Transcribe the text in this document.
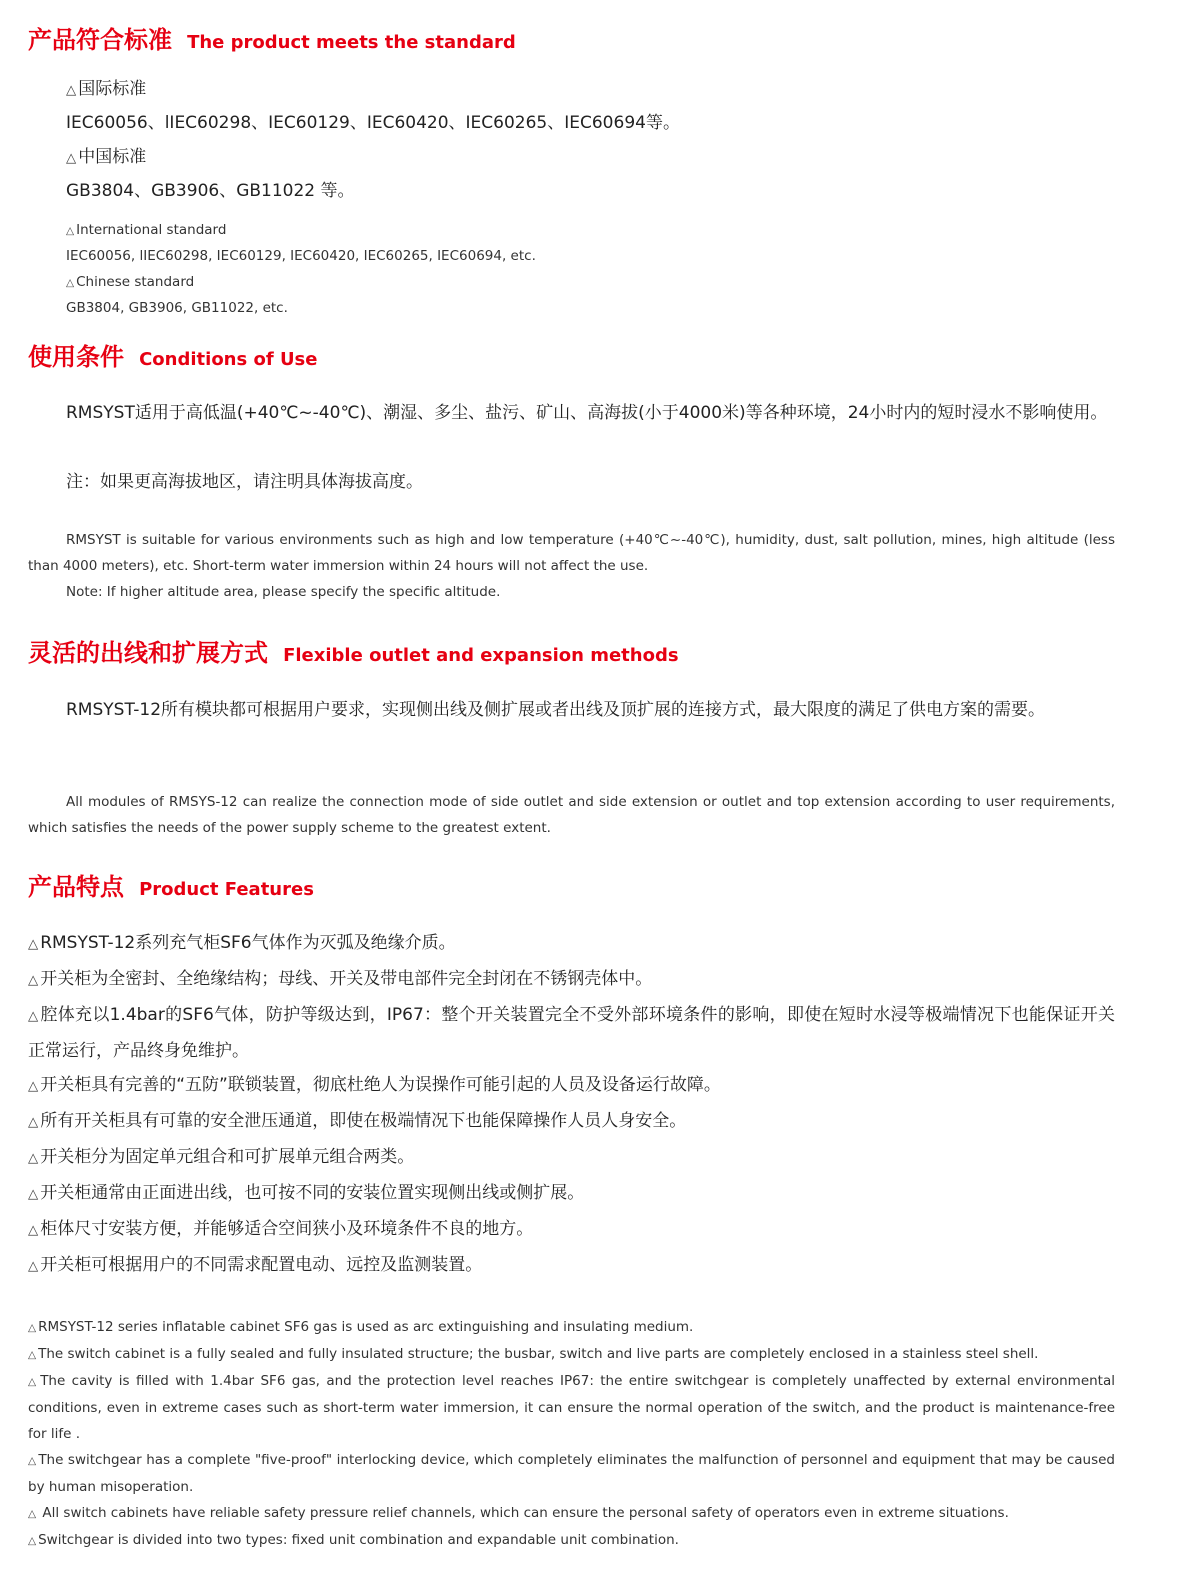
产品符合标准 The product meets the standard
△ 国际标准
IEC60056、lIEC60298、IEC60129、IEC60420、IEC60265、IEC60694等。
△ 中国标准
GB3804、GB3906、GB11022 等。
△ International standard
IEC60056, lIEC60298, IEC60129, IEC60420, IEC60265, IEC60694, etc.
△ Chinese standard
GB3804, GB3906, GB11022, etc.
使用条件 Conditions of Use
RMSYST适用于高低温(+40℃~-40℃)、潮湿、多尘、盐污、矿山、高海拔(小于4000米)等各种环境，24小时内的短时浸水不影响使用。
注：如果更高海拔地区，请注明具体海拔高度。
RMSYST is suitable for various environments such as high and low temperature (+40℃~-40℃), humidity, dust, salt pollution, mines, high altitude (less than 4000 meters), etc. Short-term water immersion within 24 hours will not affect the use.
Note: If higher altitude area, please specify the specific altitude.
灵活的出线和扩展方式 Flexible outlet and expansion methods
RMSYST-12所有模块都可根据用户要求，实现侧出线及侧扩展或者出线及顶扩展的连接方式，最大限度的满足了供电方案的需要。
All modules of RMSYS-12 can realize the connection mode of side outlet and side extension or outlet and top extension according to user requirements, which satisfies the needs of the power supply scheme to the greatest extent.
产品特点 Product Features
△ RMSYST-12系列充气柜SF6气体作为灭弧及绝缘介质。
△ 开关柜为全密封、全绝缘结构；母线、开关及带电部件完全封闭在不锈钢壳体中。
△ 腔体充以1.4bar的SF6气体，防护等级达到，IP67：整个开关装置完全不受外部环境条件的影响，即使在短时水浸等极端情况下也能保证开关正常运行，产品终身免维护。
△ 开关柜具有完善的“五防”联锁装置，彻底杜绝人为误操作可能引起的人员及设备运行故障。
△ 所有开关柜具有可靠的安全泄压通道，即使在极端情况下也能保障操作人员人身安全。
△ 开关柜分为固定单元组合和可扩展单元组合两类。
△ 开关柜通常由正面进出线，也可按不同的安装位置实现侧出线或侧扩展。
△ 柜体尺寸安装方便，并能够适合空间狭小及环境条件不良的地方。
△ 开关柜可根据用户的不同需求配置电动、远控及监测装置。
△ RMSYST-12 series inflatable cabinet SF6 gas is used as arc extinguishing and insulating medium.
△ The switch cabinet is a fully sealed and fully insulated structure; the busbar, switch and live parts are completely enclosed in a stainless steel shell.
△ The cavity is filled with 1.4bar SF6 gas, and the protection level reaches IP67: the entire switchgear is completely unaffected by external environmental conditions, even in extreme cases such as short-term water immersion, it can ensure the normal operation of the switch, and the product is maintenance-free for life .
△ The switchgear has a complete "five-proof" interlocking device, which completely eliminates the malfunction of personnel and equipment that may be caused by human misoperation.
△ All switch cabinets have reliable safety pressure relief channels, which can ensure the personal safety of operators even in extreme situations.
△ Switchgear is divided into two types: fixed unit combination and expandable unit combination.
